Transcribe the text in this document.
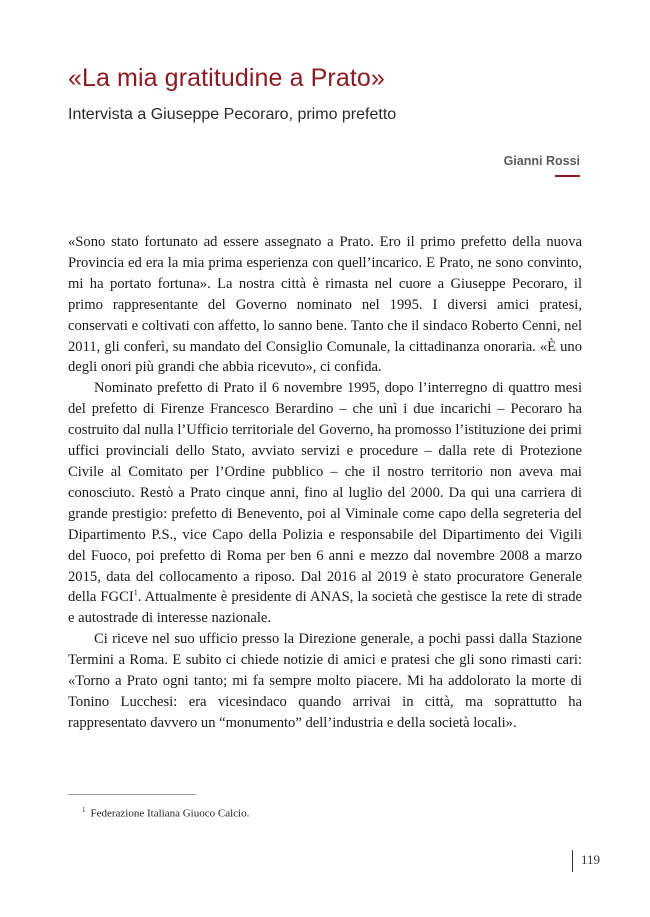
«La mia gratitudine a Prato»
Intervista a Giuseppe Pecoraro, primo prefetto
Gianni Rossi

«Sono stato fortunato ad essere assegnato a Prato. Ero il primo prefetto della nuova Provincia ed era la mia prima esperienza con quell’incarico. E Prato, ne sono convinto, mi ha portato fortuna». La nostra città è rimasta nel cuore a Giuseppe Pecoraro, il primo rappresentante del Governo nominato nel 1995. I diversi amici pratesi, conservati e coltivati con affetto, lo sanno bene. Tanto che il sindaco Roberto Cenni, nel 2011, gli conferì, su mandato del Consiglio Comunale, la cittadinanza onoraria. «È uno degli onori più grandi che abbia ricevuto», ci confida.

Nominato prefetto di Prato il 6 novembre 1995, dopo l’interregno di quattro mesi del prefetto di Firenze Francesco Berardino – che unì i due incarichi – Pecoraro ha costruito dal nulla l’Ufficio territoriale del Governo, ha promosso l’istituzione dei primi uffici provinciali dello Stato, avviato servizi e procedure – dalla rete di Protezione Civile al Comitato per l’Ordine pubblico – che il nostro territorio non aveva mai conosciuto. Restò a Prato cinque anni, fino al luglio del 2000. Da qui una carriera di grande prestigio: prefetto di Benevento, poi al Viminale come capo della segreteria del Dipartimento P.S., vice Capo della Polizia e responsabile del Dipartimento dei Vigili del Fuoco, poi prefetto di Roma per ben 6 anni e mezzo dal novembre 2008 a marzo 2015, data del collocamento a riposo. Dal 2016 al 2019 è stato procuratore Generale della FGCI$^1$. Attualmente è presidente di ANAS, la società che gestisce la rete di strade e autostrade di interesse nazionale.

Ci riceve nel suo ufficio presso la Direzione generale, a pochi passi dalla Stazione Termini a Roma. E subito ci chiede notizie di amici e pratesi che gli sono rimasti cari: «Torno a Prato ogni tanto; mi fa sempre molto piacere. Mi ha addolorato la morte di Tonino Lucchesi: era vicesindaco quando arrivai in città, ma soprattutto ha rappresentato davvero un “monumento” dell’industria e della società locali».

$^1$ Federazione Italiana Giuoco Calcio.
119
